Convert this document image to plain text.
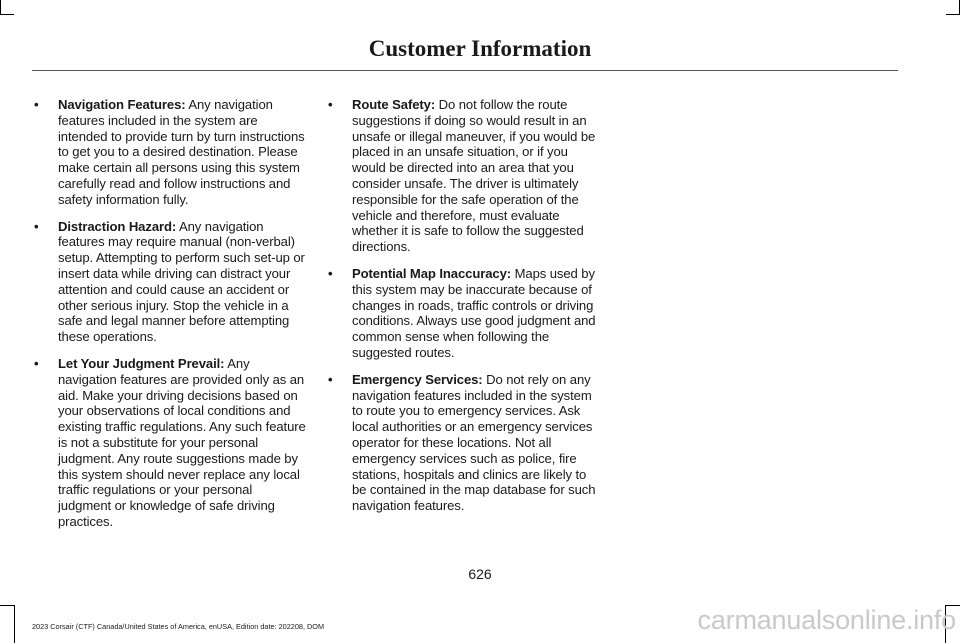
Customer Information
• Navigation Features: Any navigation features included in the system are intended to provide turn by turn instructions to get you to a desired destination. Please make certain all persons using this system carefully read and follow instructions and safety information fully.
• Distraction Hazard: Any navigation features may require manual (non-verbal) setup. Attempting to perform such set-up or insert data while driving can distract your attention and could cause an accident or other serious injury. Stop the vehicle in a safe and legal manner before attempting these operations.
• Let Your Judgment Prevail: Any navigation features are provided only as an aid. Make your driving decisions based on your observations of local conditions and existing traffic regulations. Any such feature is not a substitute for your personal judgment. Any route suggestions made by this system should never replace any local traffic regulations or your personal judgment or knowledge of safe driving practices.
• Route Safety: Do not follow the route suggestions if doing so would result in an unsafe or illegal maneuver, if you would be placed in an unsafe situation, or if you would be directed into an area that you consider unsafe. The driver is ultimately responsible for the safe operation of the vehicle and therefore, must evaluate whether it is safe to follow the suggested directions.
• Potential Map Inaccuracy: Maps used by this system may be inaccurate because of changes in roads, traffic controls or driving conditions. Always use good judgment and common sense when following the suggested routes.
• Emergency Services: Do not rely on any navigation features included in the system to route you to emergency services. Ask local authorities or an emergency services operator for these locations. Not all emergency services such as police, fire stations, hospitals and clinics are likely to be contained in the map database for such navigation features.
626
2023 Corsair (CTF) Canada/United States of America, enUSA, Edition date: 202208, DOM	carmanualsonline.info
